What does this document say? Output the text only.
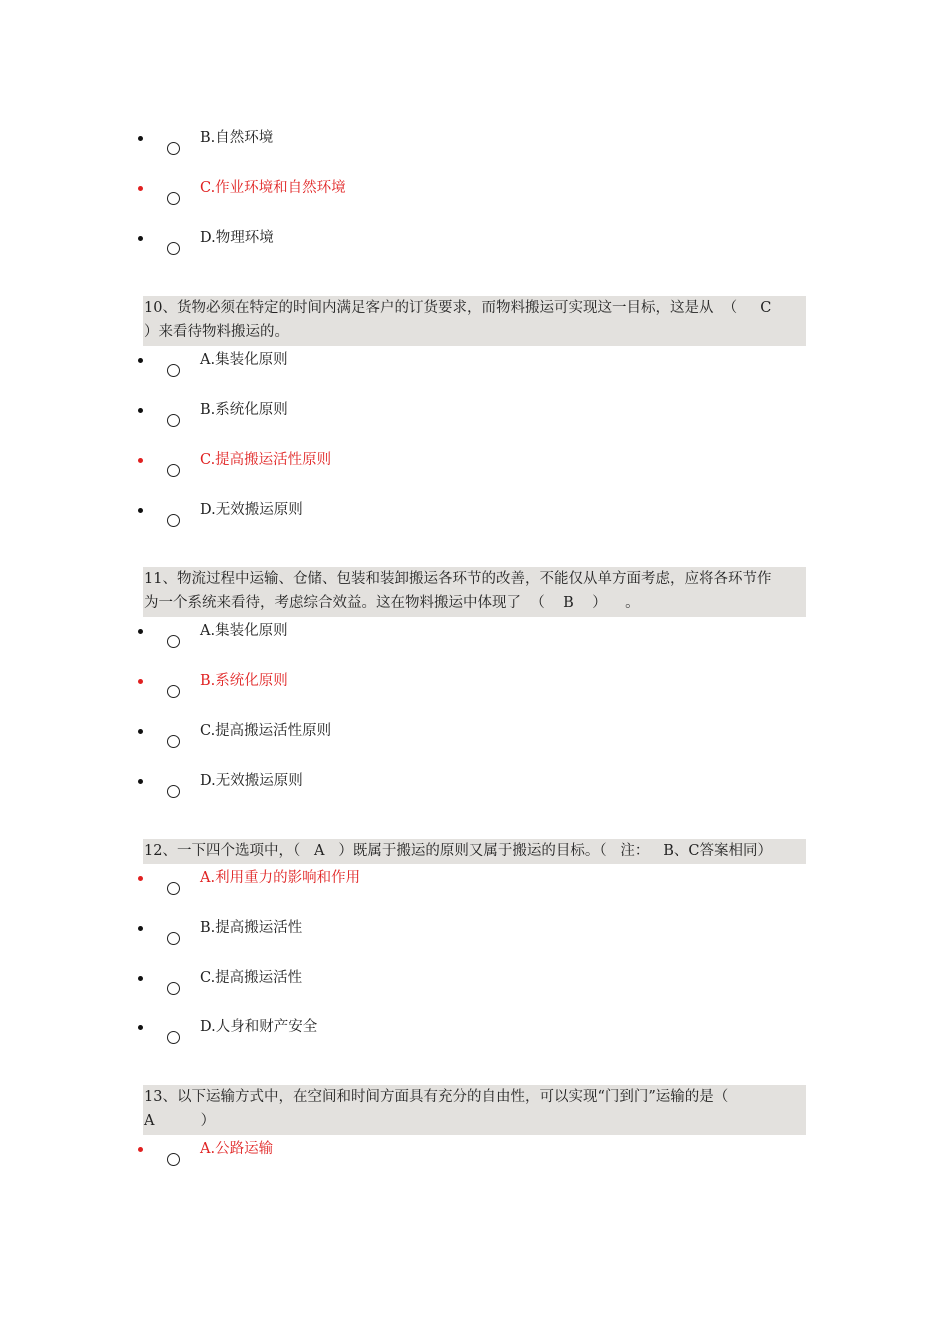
B.自然环境
C.作业环境和自然环境
D.物理环境
10、货物必须在特定的时间内满足客户的订货要求，而物料搬运可实现这一目标，这是从  （     C
）来看待物料搬运的。
A.集装化原则
B.系统化原则
C.提高搬运活性原则
D.无效搬运原则
11、物流过程中运输、仓储、包装和装卸搬运各环节的改善，不能仅从单方面考虑，应将各环节作
为一个系统来看待，考虑综合效益。这在物料搬运中体现了  （    B    ）    。
A.集装化原则
B.系统化原则
C.提高搬运活性原则
D.无效搬运原则
12、一下四个选项中，（   A   ）既属于搬运的原则又属于搬运的目标。（   注：   B、C答案相同）
A.利用重力的影响和作用
B.提高搬运活性
C.提高搬运活性
D.人身和财产安全
13、以下运输方式中，在空间和时间方面具有充分的自由性，可以实现“门到门”运输的是（
A          ）
A.公路运输
